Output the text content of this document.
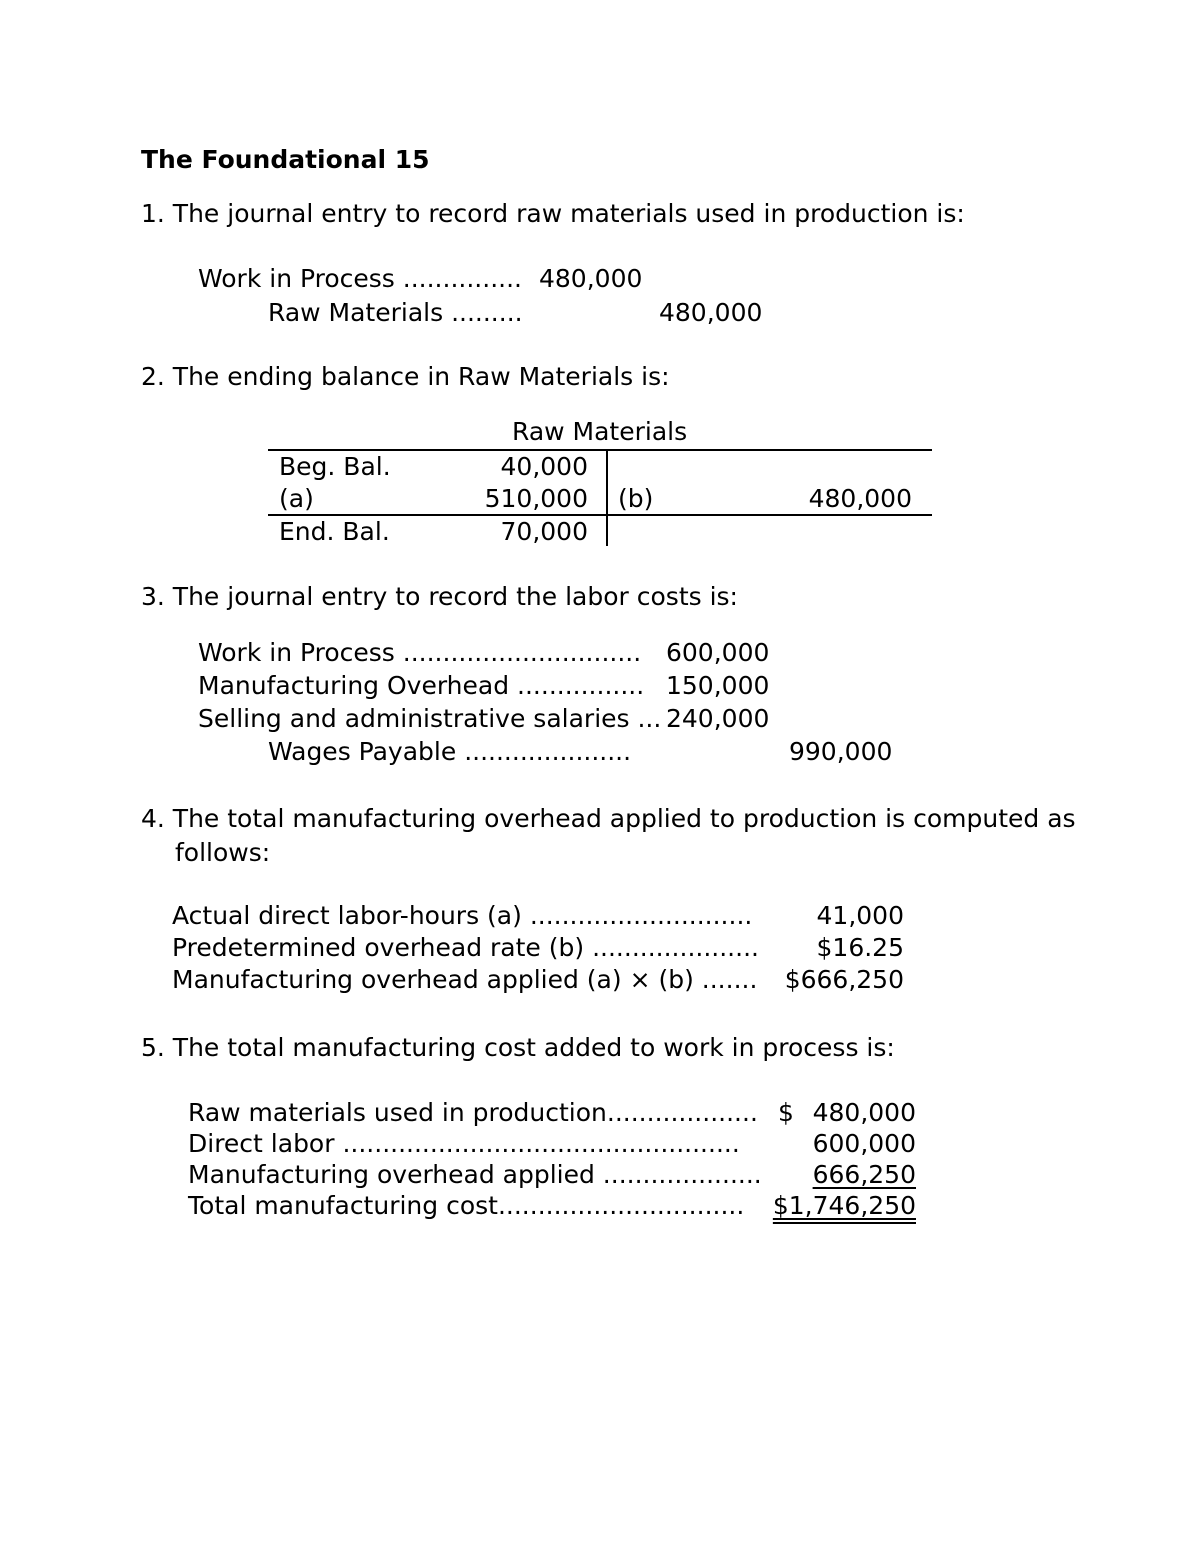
The Foundational 15
1. The journal entry to record raw materials used in production is:
Work in Process ............... 480,000
Raw Materials .........	480,000
2. The ending balance in Raw Materials is:
Raw Materials
Beg. Bal.	40,000
(a)	510,000 (b)	480,000
End. Bal.	70,000
3. The journal entry to record the labor costs is:
Work in Process .............................. 600,000
Manufacturing Overhead ................ 150,000
Selling and administrative salaries ... 240,000
Wages Payable .....................	990,000
4. The total manufacturing overhead applied to production is computed as
follows:
Actual direct labor-hours (a) ............................	41,000
Predetermined overhead rate (b) .....................	$16.25
Manufacturing overhead applied (a) × (b) .......	$666,250
5. The total manufacturing cost added to work in process is:
Raw materials used in production................... $ 480,000
Direct labor ..................................................	600,000
Manufacturing overhead applied ....................	666,250
Total manufacturing cost...............................	$1,746,250
